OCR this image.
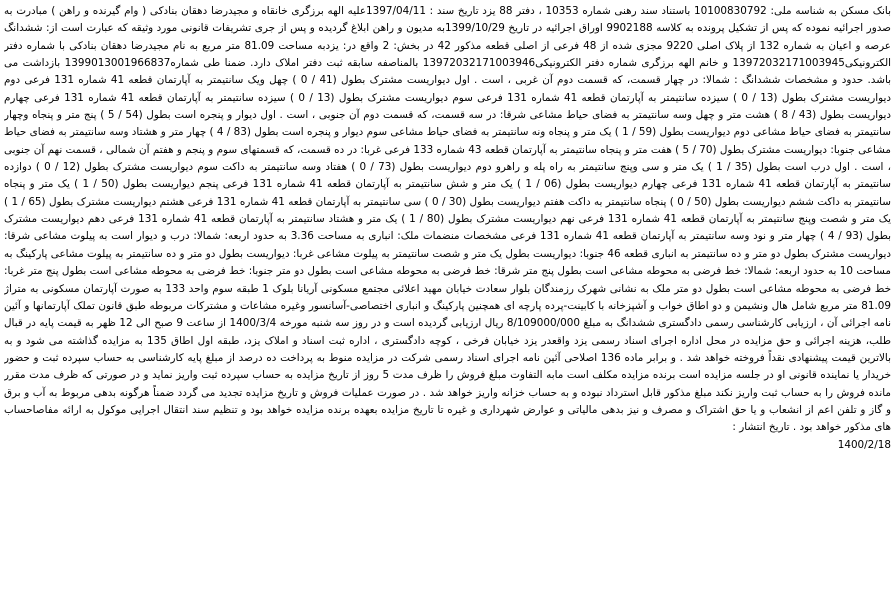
بانک مسکن به شناسه ملی: 10100830792 باستناد سند رهنی شماره 10353 ، دفتر 88 یزد تاریخ سند : 1397/04/11علیه الهه برزگری خانقاه و مجیدرضا دهقان بنادکی ( وام گیرنده و راهن ) مبادرت به صدور اجرائیه نموده که پس از تشکیل پرونده به کلاسه 9902188 اوراق اجرائیه در تاریخ 1399/10/29به مدیون و راهن ابلاغ گردیده و پس از جری تشریفات قانونی مورد وثیقه که عبارت است از: ششدانگ عرصه و اعیان به شماره 132 از پلاک اصلی 9220 مجزی شده از 48 فرعی از اصلی قطعه مذکور 42 در بخش: 2 واقع در: یزدبه مساحت 81.09 متر مربع به نام مجیدرضا دهقان بنادکی با شماره دفتر الکترونیکی13972032171003945 و خانم الهه برزگری شماره دفتر الکترونیکی13972032171003946 بالمناصفه سابقه ثبت دفتر املاک دارد. ضمنا طی شماره1399013001966837 بازداشت می باشد. حدود و مشخصات ششدانگ : شمالا: در چهار قسمت، که قسمت دوم آن غربی ، است . اول دیواریست مشترک بطول (41 / 0 ) چهل ویک سانتیمتر به آپارتمان قطعه 41 شماره 131 فرعی دوم دیواریست مشترک بطول (13 / 0 ) سیزده سانتیمتر به آپارتمان قطعه 41 شماره 131 فرعی سوم دیواریست مشترک بطول (13 / 0 ) سیزده سانتیمتر به آپارتمان قطعه 41 شماره 131 فرعی چهارم دیواریست بطول (43 / 8 ) هشت متر و چهل وسه سانتیمتر به فضای حیاط مشاعی شرقا: در سه قسمت، که قسمت دوم آن جنوبی ، است . اول دیوار و پنجره است بطول (54 / 5 ) پنج متر و پنجاه وچهار سانتیمتر به فضای حیاط مشاعی دوم دیواریست بطول (59 / 1 ) یک متر و پنجاه ونه سانتیمتر به فضای حیاط مشاعی سوم دیوار و پنجره است بطول (83 / 4 ) چهار متر و هشتاد وسه سانتیمتر به فضای حیاط مشاعی جنوبا: دیواریست مشترک بطول (70 / 5 ) هفت متر و پنجاه سانتیمتر به آپارتمان قطعه 43 شماره 133 فرعی غربا: در ده قسمت، که قسمتهای سوم و پنجم و هفتم آن شمالی ، قسمت نهم آن جنوبی ، است . اول درب است بطول (35 / 1 ) یک متر و سی وپنج سانتیمتر به راه پله و راهرو دوم دیواریست بطول (73 / 0 ) هفتاد وسه سانتیمتر به داکت سوم دیواریست مشترک بطول (12 / 0 ) دوازده سانتیمتر به آپارتمان قطعه 41 شماره 131 فرعی چهارم دیواریست بطول (06 / 1 ) یک متر و شش سانتیمتر به آپارتمان قطعه 41 شماره 131 فرعی پنجم دیواریست بطول (50 / 1 ) یک متر و پنجاه سانتیمتر به داکت ششم دیواریست بطول (50 / 0 ) پنجاه سانتیمتر به داکت هفتم دیواریست بطول (30 / 0 ) سی سانتیمتر به آپارتمان قطعه 41 شماره 131 فرعی هشتم دیواریست مشترک بطول (65 / 1 ) یک متر و شصت وپنج سانتیمتر به آپارتمان قطعه 41 شماره 131 فرعی نهم دیواریست مشترک بطول (80 / 1 ) یک متر و هشتاد سانتیمتر به آپارتمان قطعه 41 شماره 131 فرعی دهم دیواریست مشترک بطول (93 / 4 ) چهار متر و نود وسه سانتیمتر به آپارتمان قطعه 41 شماره 131 فرعی مشخصات منضمات ملک: انباری به مساحت 3.36 به حدود اربعه: شمالا: درب و دیوار است به پیلوت مشاعی شرقا: دیواریست مشترک بطول دو متر و ده سانتیمتر به انباری قطعه 46 جنوبا: دیواریست بطول یک متر و شصت سانتیمتر به پیلوت مشاعی غربا: دیواریست بطول دو متر و ده سانتیمتر به پیلوت مشاعی پارکینگ به مساحت 10 به حدود اربعه: شمالا: خط فرضی به محوطه مشاعی است بطول پنج متر شرقا: خط فرضی به محوطه مشاعی است بطول دو متر جنوبا: خط فرضی به محوطه مشاعی است بطول پنج متر غربا: خط فرضی به محوطه مشاعی است بطول دو متر ملک به نشانی شهرک رزمندگان بلوار سعادت خیابان مهید اعلائی مجتمع مسکونی آریانا بلوک 1 طبقه سوم واحد 133 به صورت آپارتمان مسکونی به متراژ 81.09 متر مربع شامل هال ونشیمن و دو اطاق خواب و آشپزخانه با کابینت-پرده پارچه ای همچنین پارکینگ و انباری اختصاصی-آسانسور وغیره مشاعات و مشترکات مربوطه طبق قانون تملک آپارتمانها و آئین نامه اجرائی آن ، ارزیابی کارشناسی رسمی دادگستری ششدانگ به مبلغ 8/109000/000 ریال ارزیابی گردیده است و در روز سه شنبه مورخه 1400/3/4 از ساعت 9 صبح الی 12 ظهر به قیمت پایه در قبال طلب، هزینه اجرائی و حق مزایده در محل اداره اجرای اسناد رسمی یزد واقعدر یزد خیابان فرخی ، کوچه دادگستری ، اداره ثبت اسناد و املاک یزد، طبقه اول اطاق 135 به مزایده گذاشته می شود و به بالاترین قیمت پیشنهادی نقداً فروخته خواهد شد . و برابر ماده 136 اصلاحی آئین نامه اجرای اسناد رسمی شرکت در مزایده منوط به پرداخت ده درصد از مبلغ پایه کارشناسی به حساب سپرده ثبت و حضور خریدار یا نماینده قانونی او در جلسه مزایده است برنده مزایده مکلف است مابه التفاوت مبلغ فروش را ظرف مدت 5 روز از تاریخ مزایده به حساب سپرده ثبت واریز نماید و در صورتی که ظرف مدت مقرر مانده فروش را به حساب ثبت واریز نکند مبلغ مذکور قابل استرداد نبوده و به حساب خزانه واریز خواهد شد . در صورت عملیات فروش و تاریخ مزایده تجدید می گردد ضمناً هرگونه بدهی مربوط به آب و برق و گاز و تلفن اعم از انشعاب و یا حق اشتراک و مصرف و نیز بدهی مالیاتی و عوارض شهرداری و غیره تا تاریخ مزایده بعهده برنده مزایده خواهد بود و تنظیم سند انتقال اجرایی موکول به ارائه مفاصاحساب های مذکور خواهد بود . تاریخ انتشار :

1400/2/18
